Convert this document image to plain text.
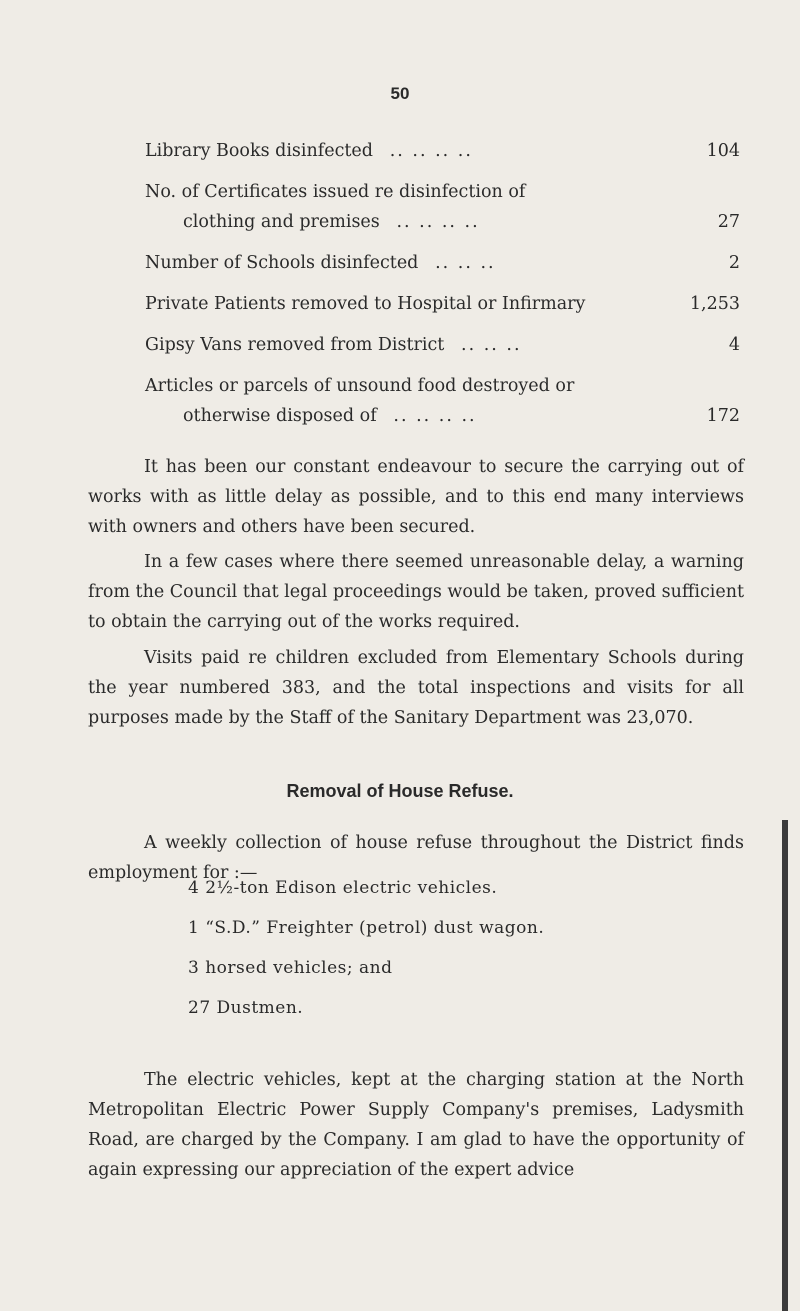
50
Library Books disinfected .. .. .. ..	104
No. of Certificates issued re disinfection of
clothing and premises .. .. .. ..	27
Number of Schools disinfected .. .. ..	2
Private Patients removed to Hospital or Infirmary	1,253
Gipsy Vans removed from District .. .. ..	4
Articles or parcels of unsound food destroyed or
otherwise disposed of .. .. .. ..	172

It has been our constant endeavour to secure the carrying out of works with as little delay as possible, and to this end many interviews with owners and others have been secured.

In a few cases where there seemed unreasonable delay, a warning from the Council that legal proceedings would be taken, proved sufficient to obtain the carrying out of the works required.

Visits paid re children excluded from Elementary Schools during the year numbered 383, and the total inspections and visits for all purposes made by the Staff of the Sanitary Department was 23,070.

Removal of House Refuse.

A weekly collection of house refuse throughout the District finds employment for :—

4 2½-ton Edison electric vehicles.
1 “S.D.” Freighter (petrol) dust wagon.
3 horsed vehicles; and
27 Dustmen.

The electric vehicles, kept at the charging station at the North Metropolitan Electric Power Supply Company's premises, Ladysmith Road, are charged by the Company. I am glad to have the opportunity of again expressing our appreciation of the expert advice
